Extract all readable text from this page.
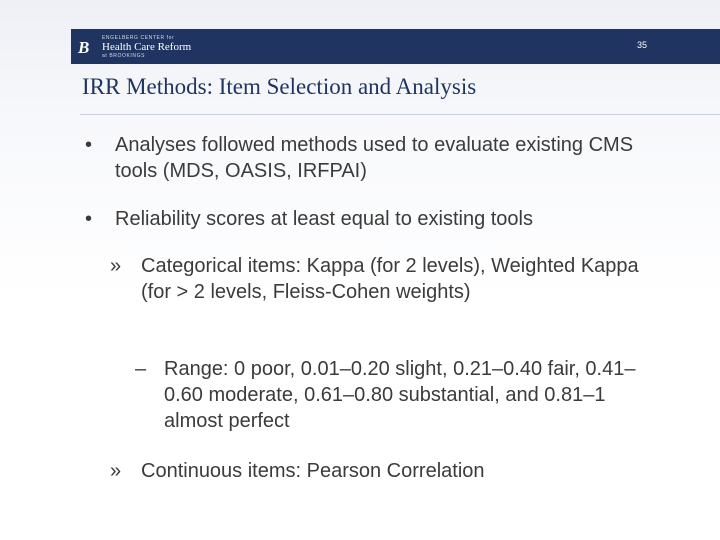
B	ENGELBERG CENTER for
Health Care Reform
at BROOKINGS
35
IRR Methods: Item Selection and Analysis
• Analyses followed methods used to evaluate existing CMS tools (MDS, OASIS, IRFPAI)
• Reliability scores at least equal to existing tools
» Categorical items: Kappa (for 2 levels), Weighted Kappa (for > 2 levels, Fleiss-Cohen weights)
– Range: 0 poor, 0.01–0.20 slight, 0.21–0.40 fair, 0.41– 0.60 moderate, 0.61–0.80 substantial, and 0.81–1 almost perfect
» Continuous items: Pearson Correlation
